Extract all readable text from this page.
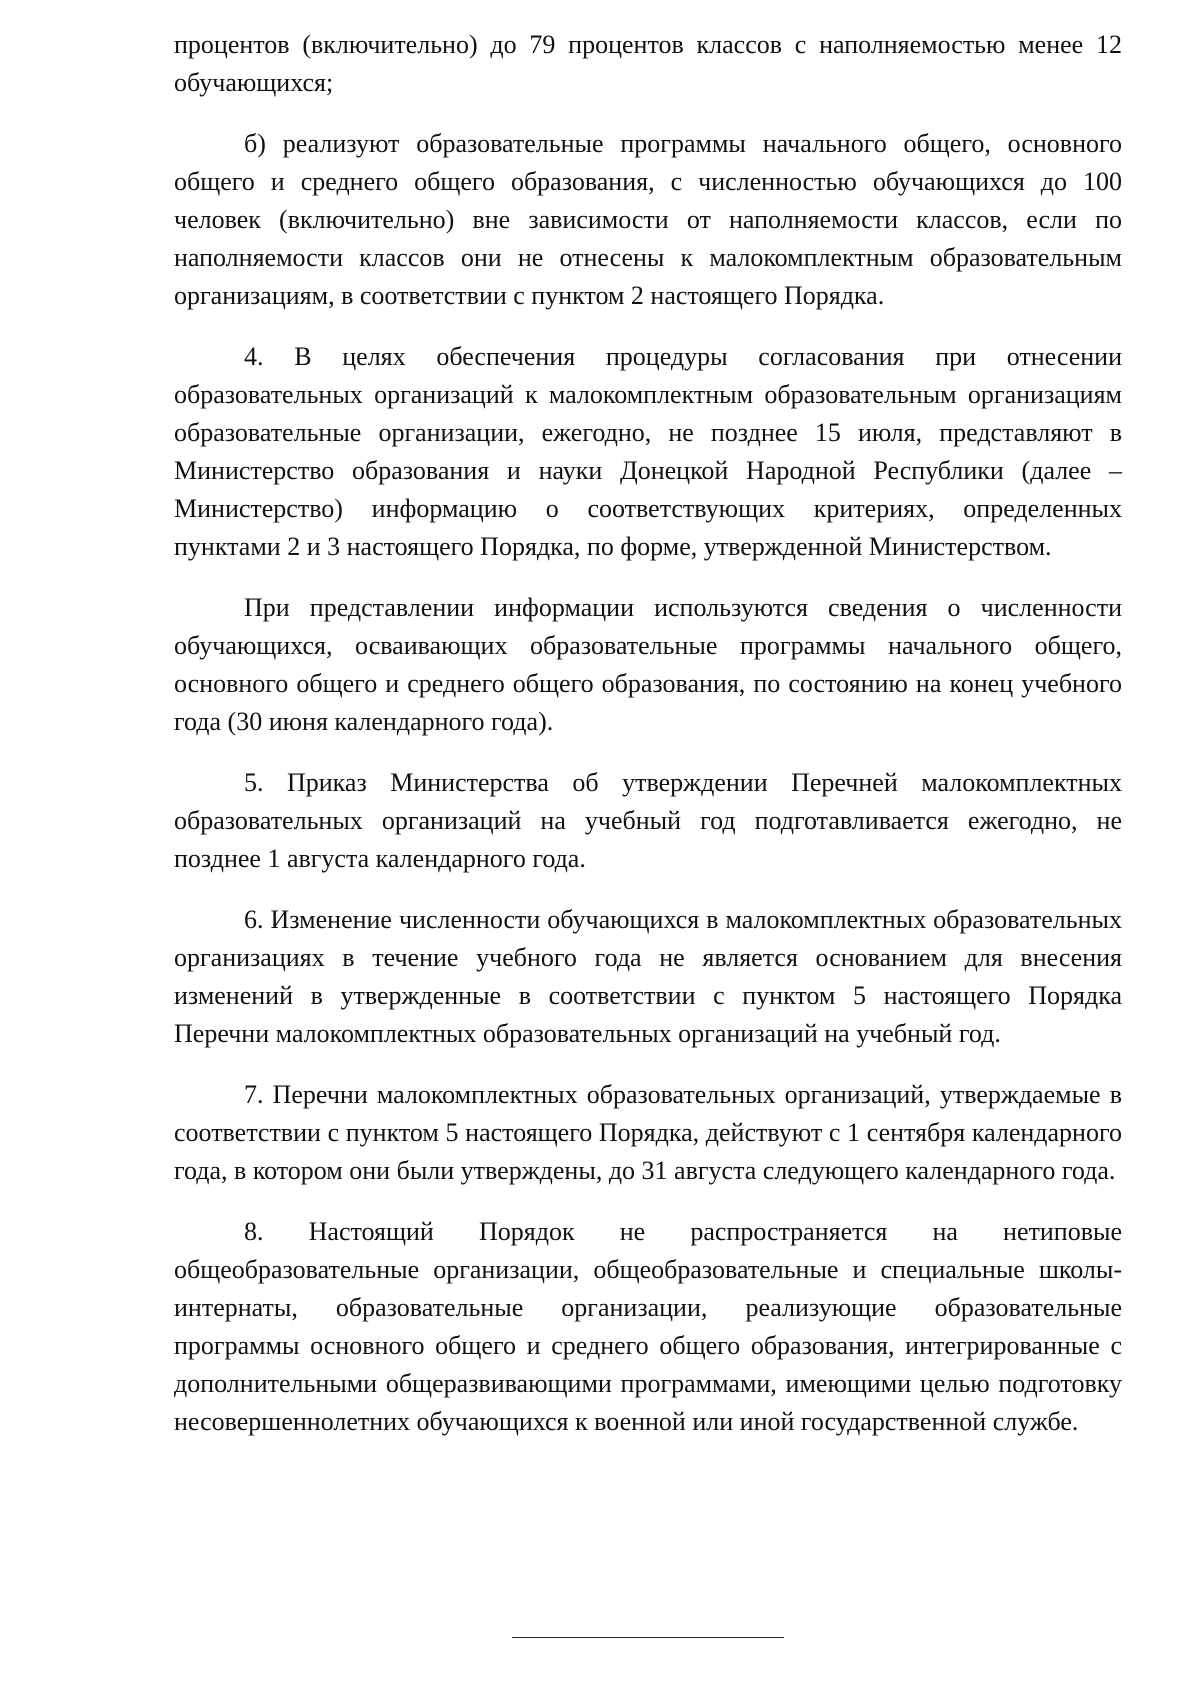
процентов (включительно) до 79 процентов классов с наполняемостью менее 12 обучающихся;

б) реализуют образовательные программы начального общего, основного общего и среднего общего образования, с численностью обучающихся до 100 человек (включительно) вне зависимости от наполняемости классов, если по наполняемости классов они не отнесены к малокомплектным образовательным организациям, в соответствии с пунктом 2 настоящего Порядка.

4. В целях обеспечения процедуры согласования при отнесении образовательных организаций к малокомплектным образовательным организациям образовательные организации, ежегодно, не позднее 15 июля, представляют в Министерство образования и науки Донецкой Народной Республики (далее – Министерство) информацию о соответствующих критериях, определенных пунктами 2 и 3 настоящего Порядка, по форме, утвержденной Министерством.

При представлении информации используются сведения о численности обучающихся, осваивающих образовательные программы начального общего, основного общего и среднего общего образования, по состоянию на конец учебного года (30 июня календарного года).

5. Приказ Министерства об утверждении Перечней малокомплектных образовательных организаций на учебный год подготавливается ежегодно, не позднее 1 августа календарного года.

6. Изменение численности обучающихся в малокомплектных образовательных организациях в течение учебного года не является основанием для внесения изменений в утвержденные в соответствии с пунктом 5 настоящего Порядка Перечни малокомплектных образовательных организаций на учебный год.

7. Перечни малокомплектных образовательных организаций, утверждаемые в соответствии с пунктом 5 настоящего Порядка, действуют с 1 сентября календарного года, в котором они были утверждены, до 31 августа следующего календарного года.

8. Настоящий Порядок не распространяется на нетиповые общеобразовательные организации, общеобразовательные и специальные школы-интернаты, образовательные организации, реализующие образовательные программы основного общего и среднего общего образования, интегрированные с дополнительными общеразвивающими программами, имеющими целью подготовку несовершеннолетних обучающихся к военной или иной государственной службе.
